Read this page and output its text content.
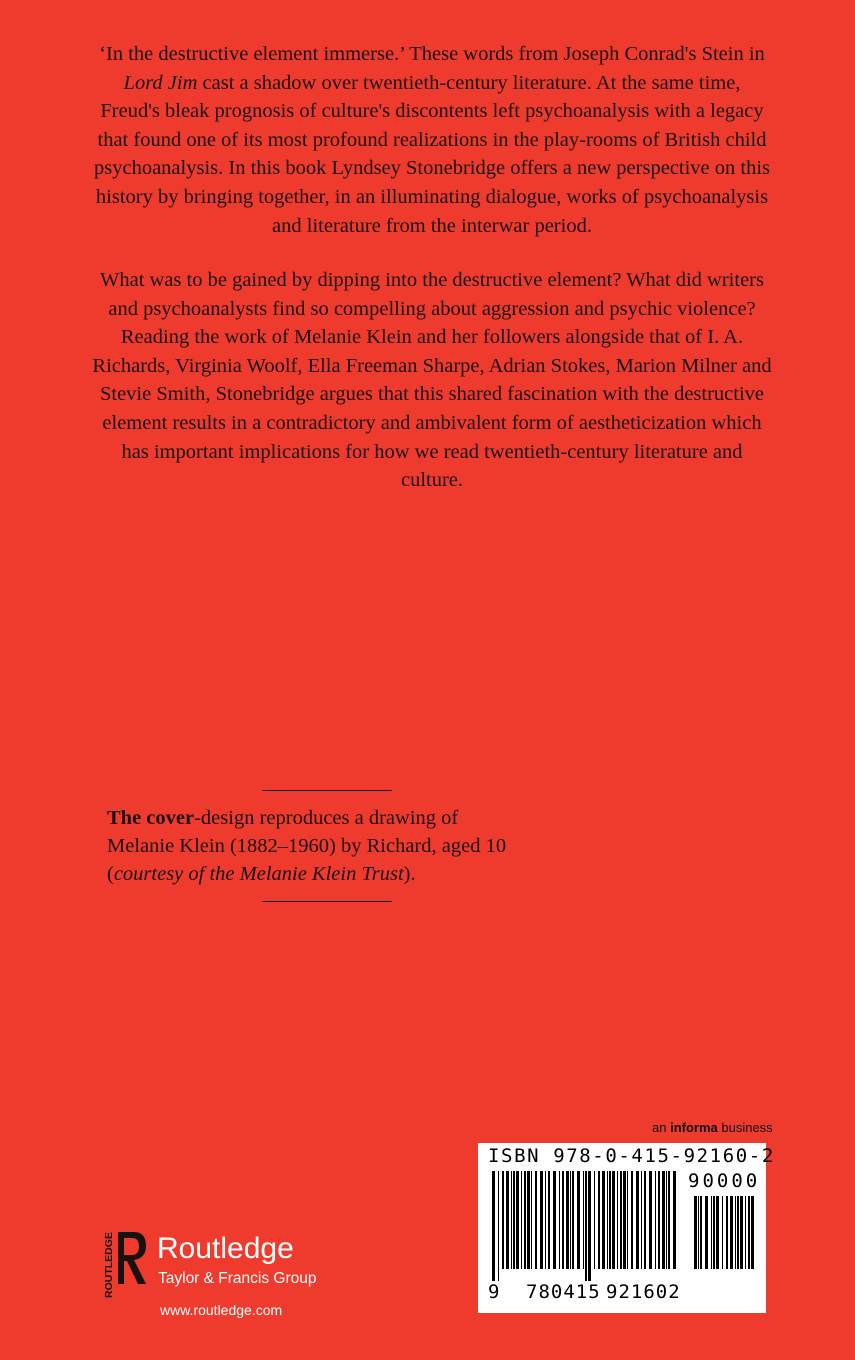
‘In the destructive element immerse.’ These words from Joseph Conrad's Stein in Lord Jim cast a shadow over twentieth-century literature. At the same time, Freud's bleak prognosis of culture's discontents left psychoanalysis with a legacy that found one of its most profound realizations in the play-rooms of British child psychoanalysis. In this book Lyndsey Stonebridge offers a new perspective on this history by bringing together, in an illuminating dialogue, works of psychoanalysis and literature from the interwar period.

What was to be gained by dipping into the destructive element? What did writers and psychoanalysts find so compelling about aggression and psychic violence? Reading the work of Melanie Klein and her followers alongside that of I. A. Richards, Virginia Woolf, Ella Freeman Sharpe, Adrian Stokes, Marion Milner and Stevie Smith, Stonebridge argues that this shared fascination with the destructive element results in a contradictory and ambivalent form of aestheticization which has important implications for how we read twentieth-century literature and culture.

The cover-design reproduces a drawing of
Melanie Klein (1882–1960) by Richard, aged 10
(courtesy of the Melanie Klein Trust).

an informa business
ISBN 978-0-415-92160-2
90000
9 780415 921602
ROUTLEDGE Routledge
Taylor & Francis Group
www.routledge.com
